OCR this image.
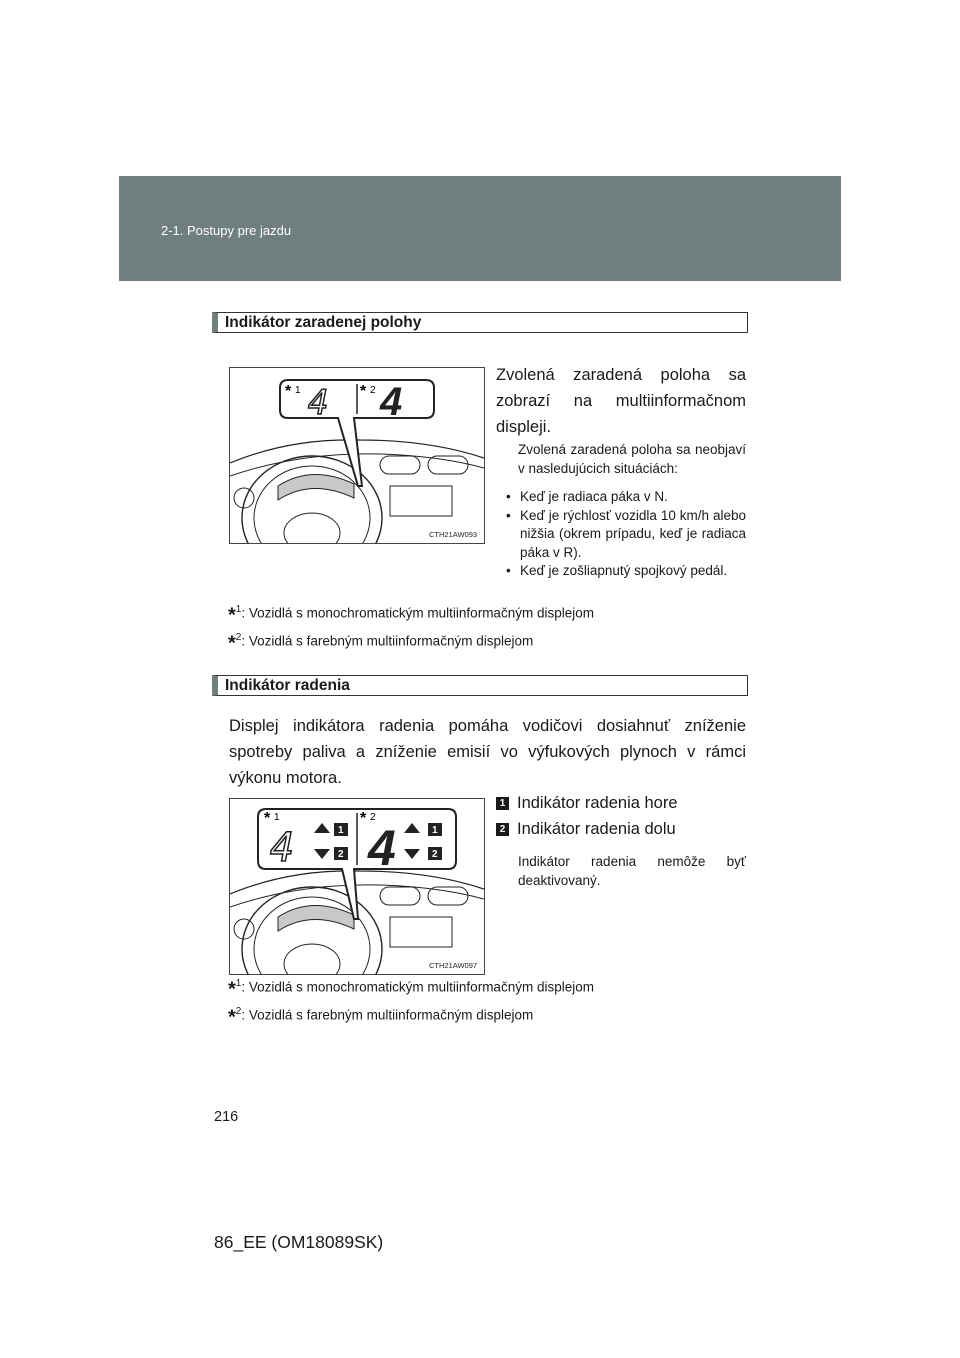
2-1. Postupy pre jazdu
Indikátor zaradenej polohy
* 1	* 2
4 4
CTH21AW093
Zvolená zaradená poloha sa zobrazí na multiinformačnom displeji.
Zvolená zaradená poloha sa neobjaví v nasledujúcich situáciách:
• Keď je radiaca páka v N.
• Keď je rýchlosť vozidla 10 km/h alebo nižšia (okrem prípadu, keď je radiaca páka v R).
• Keď je zošliapnutý spojkový pedál.
*$^1$: Vozidlá s monochromatickým multiinformačným displejom
*$^2$: Vozidlá s farebným multiinformačným displejom
Indikátor radenia
Displej indikátora radenia pomáha vodičovi dosiahnuť zníženie spotreby paliva a zníženie emisií vo výfukových plynoch v rámci výkonu motora.
* 1	* 2
4	1
2 4	1
2
CTH21AW097
1 Indikátor radenia hore
2 Indikátor radenia dolu
Indikátor radenia nemôže byť deaktivovaný.
*$^1$: Vozidlá s monochromatickým multiinformačným displejom
*$^2$: Vozidlá s farebným multiinformačným displejom
216
86_EE (OM18089SK)
